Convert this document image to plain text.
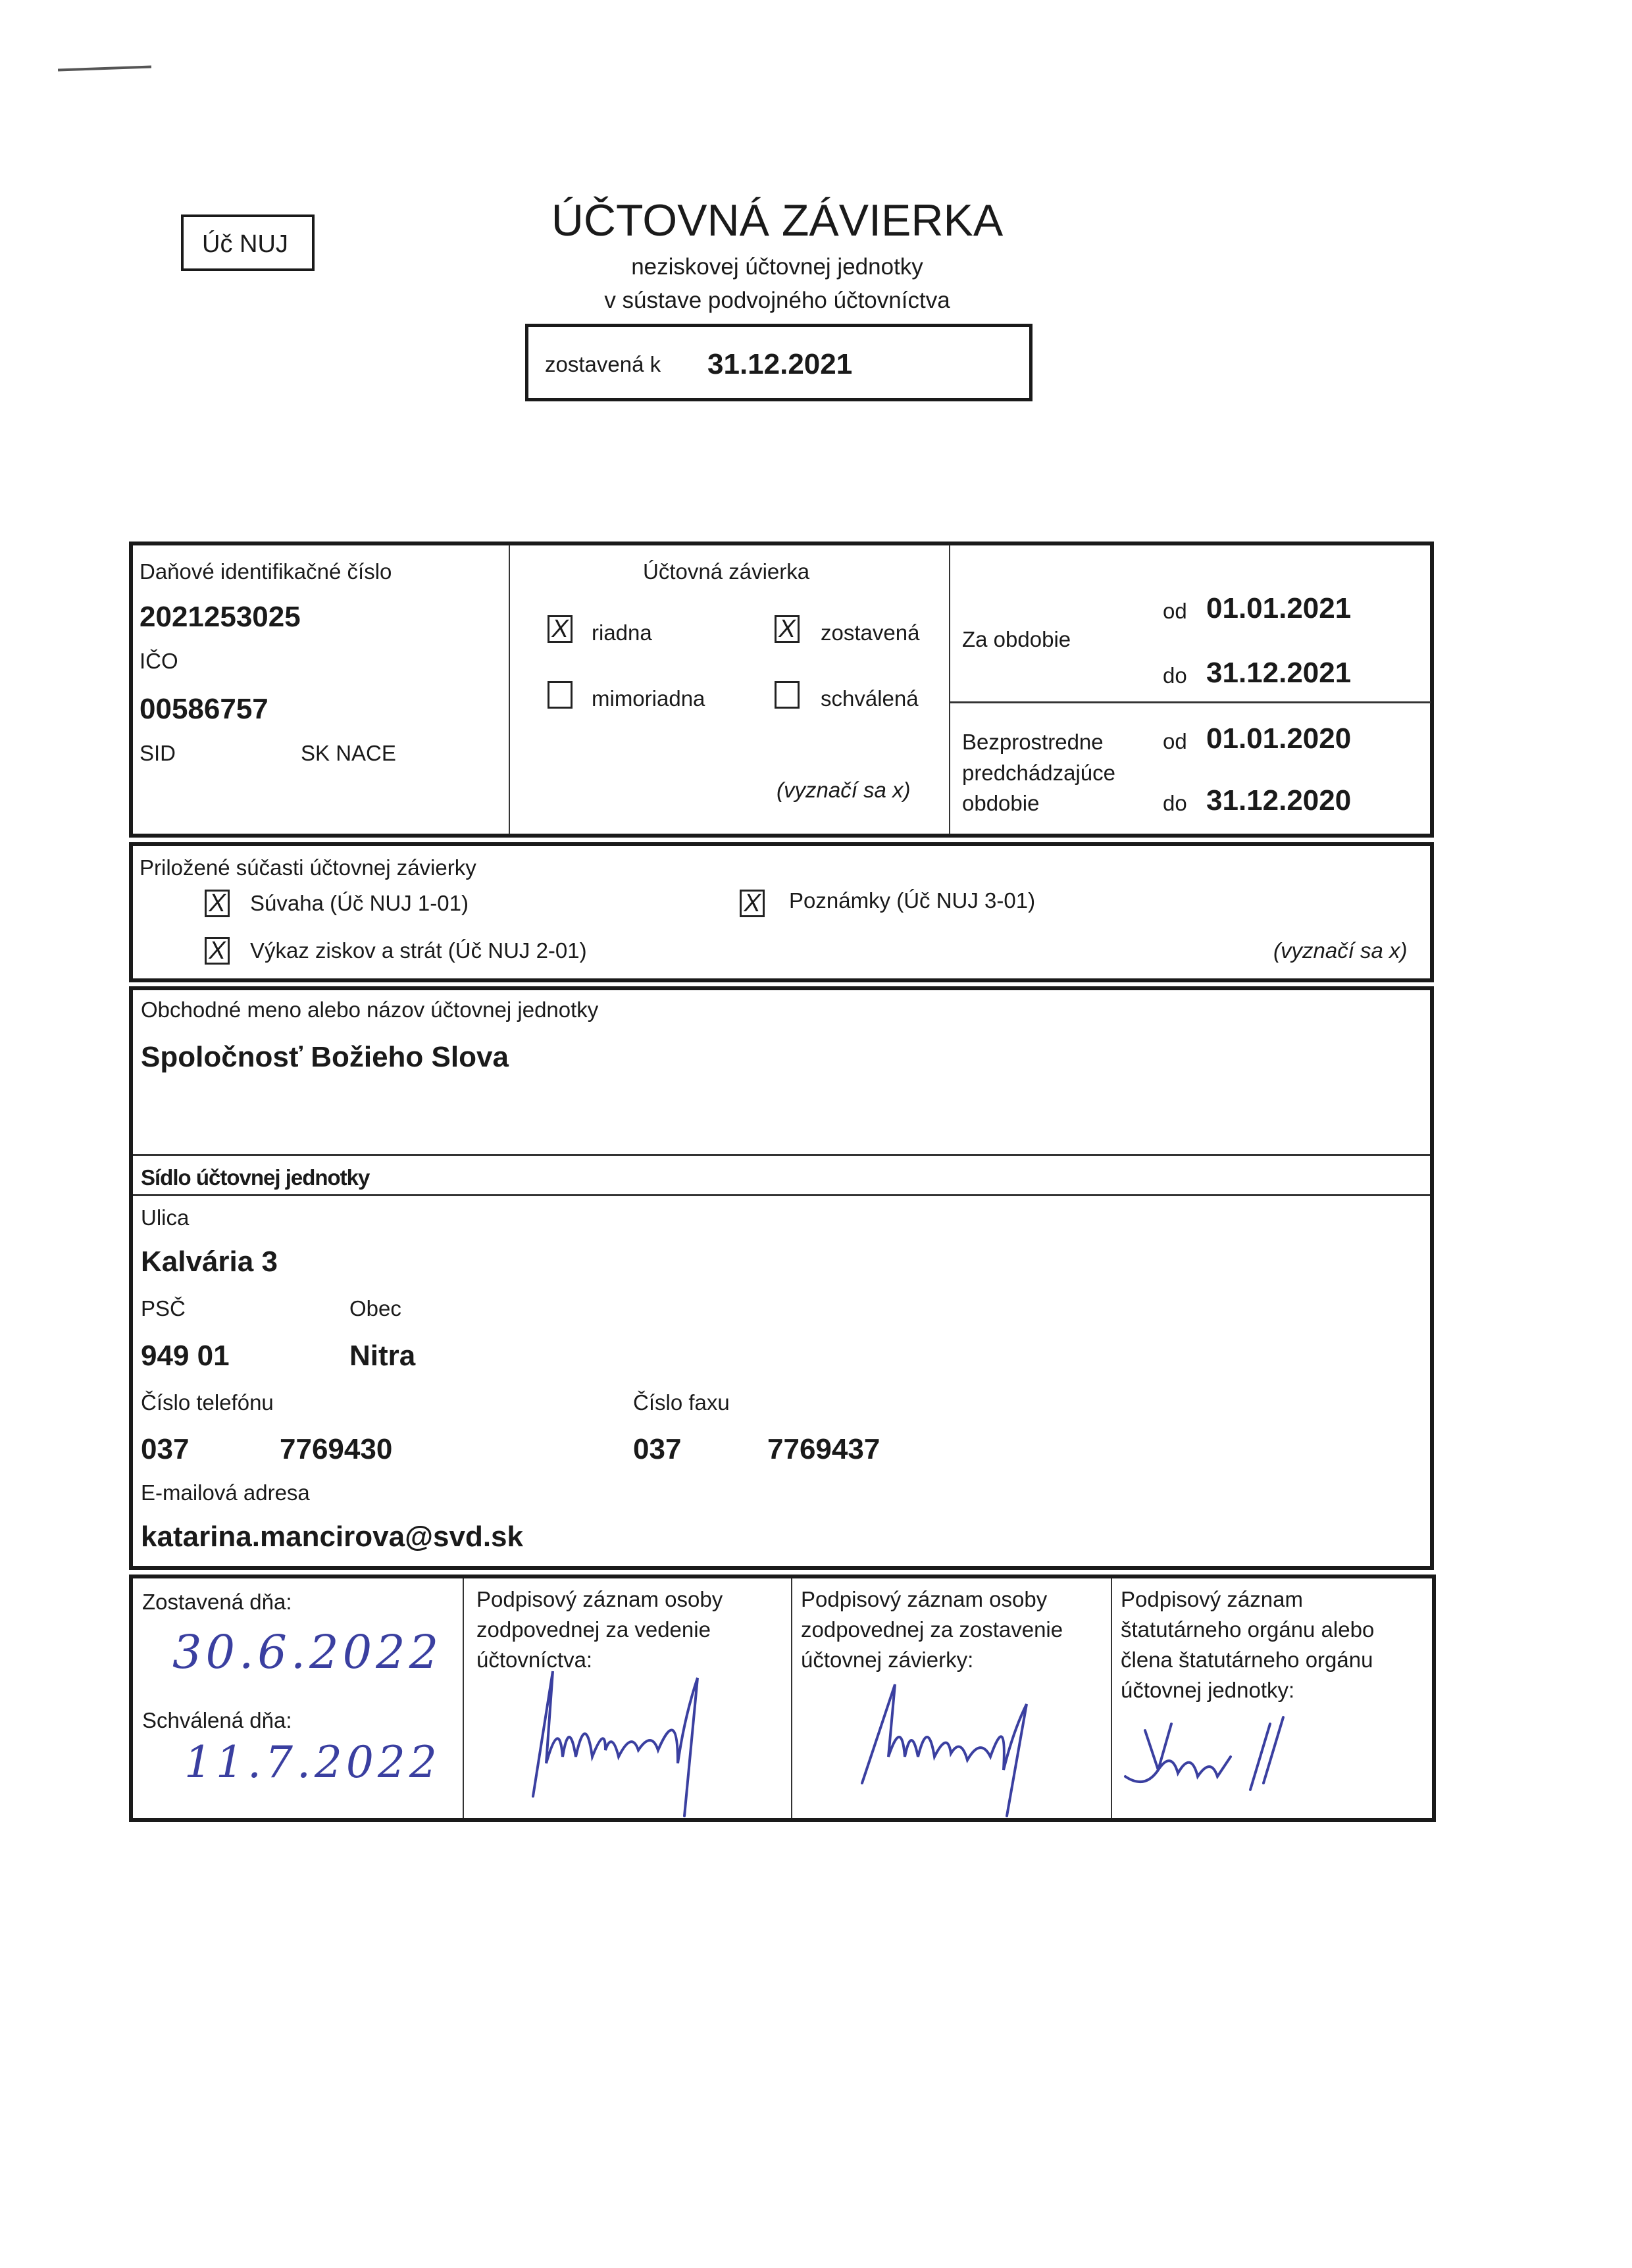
Úč NUJ	ÚČTOVNÁ ZÁVIERKA
neziskovej účtovnej jednotky
v sústave podvojného účtovníctva
zostavená k 31.12.2021
Daňové identifikačné číslo
2021253025
IČO
00586757
SID	SK NACE
Účtovná závierka
X riadna	X zostavená
mimoriadna	schválená
(vyznačí sa x)
Za obdobie
od 01.01.2021
do 31.12.2021
Bezprostredne
predchádzajúce
obdobie
od 01.01.2020
do 31.12.2020
Priložené súčasti účtovnej závierky
X Súvaha (Úč NUJ 1-01)
X Výkaz ziskov a strát (Úč NUJ 2-01)
X Poznámky (Úč NUJ 3-01)
(vyznačí sa x)
Obchodné meno alebo názov účtovnej jednotky
Spoločnosť Božieho Slova
Sídlo účtovnej jednotky
Ulica
Kalvária 3
PSČ	Obec
949 01	Nitra
Číslo telefónu	Číslo faxu
037	7769430	037	7769437
E-mailová adresa
katarina.mancirova@svd.sk
Zostavená dňa:
30.6.2022
Schválená dňa:
11.7.2022
Podpisový záznam osoby
zodpovednej za vedenie
účtovníctva:
Podpisový záznam osoby
zodpovednej za zostavenie
účtovnej závierky:
Podpisový záznam
štatutárneho orgánu alebo
člena štatutárneho orgánu
účtovnej jednotky:
